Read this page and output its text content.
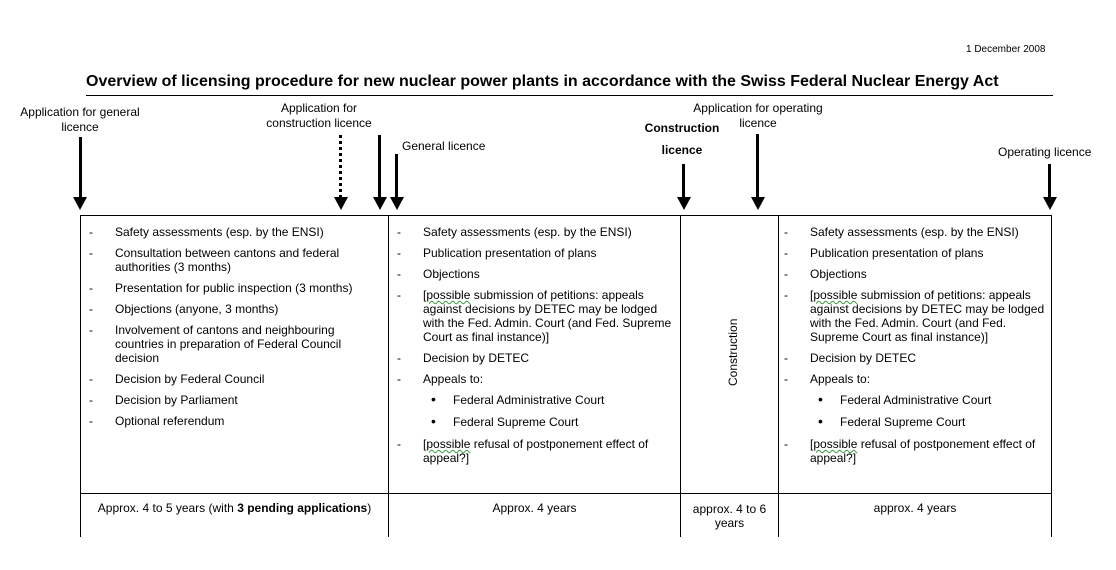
1 December 2008
Overview of licensing procedure for new nuclear power plants in accordance with the Swiss Federal Nuclear Energy Act
Application for general licence
Application for construction licence
General licence
Construction
licence
Application for operating licence
Operating licence
- Safety assessments (esp. by the ENSI)
- Consultation between cantons and federal authorities (3 months)
- Presentation for public inspection (3 months)
- Objections (anyone, 3 months)
- Involvement of cantons and neighbouring countries in preparation of Federal Council decision
- Decision by Federal Council
- Decision by Parliament
- Optional referendum
Approx. 4 to 5 years (with 3 pending applications)
- Safety assessments (esp. by the ENSI)
- Publication presentation of plans
- Objections
- [possible submission of petitions: appeals against decisions by DETEC may be lodged with the Fed. Admin. Court (and Fed. Supreme Court as final instance)]
- Decision by DETEC
- Appeals to:
• Federal Administrative Court
• Federal Supreme Court
- [possible refusal of postponement effect of appeal?]
Approx. 4 years
Construction
approx. 4 to 6 years
- Safety assessments (esp. by the ENSI)
- Publication presentation of plans
- Objections
- [possible submission of petitions: appeals against decisions by DETEC may be lodged with the Fed. Admin. Court (and Fed. Supreme Court as final instance)]
- Decision by DETEC
- Appeals to:
• Federal Administrative Court
• Federal Supreme Court
- [possible refusal of postponement effect of appeal?]
approx. 4 years
